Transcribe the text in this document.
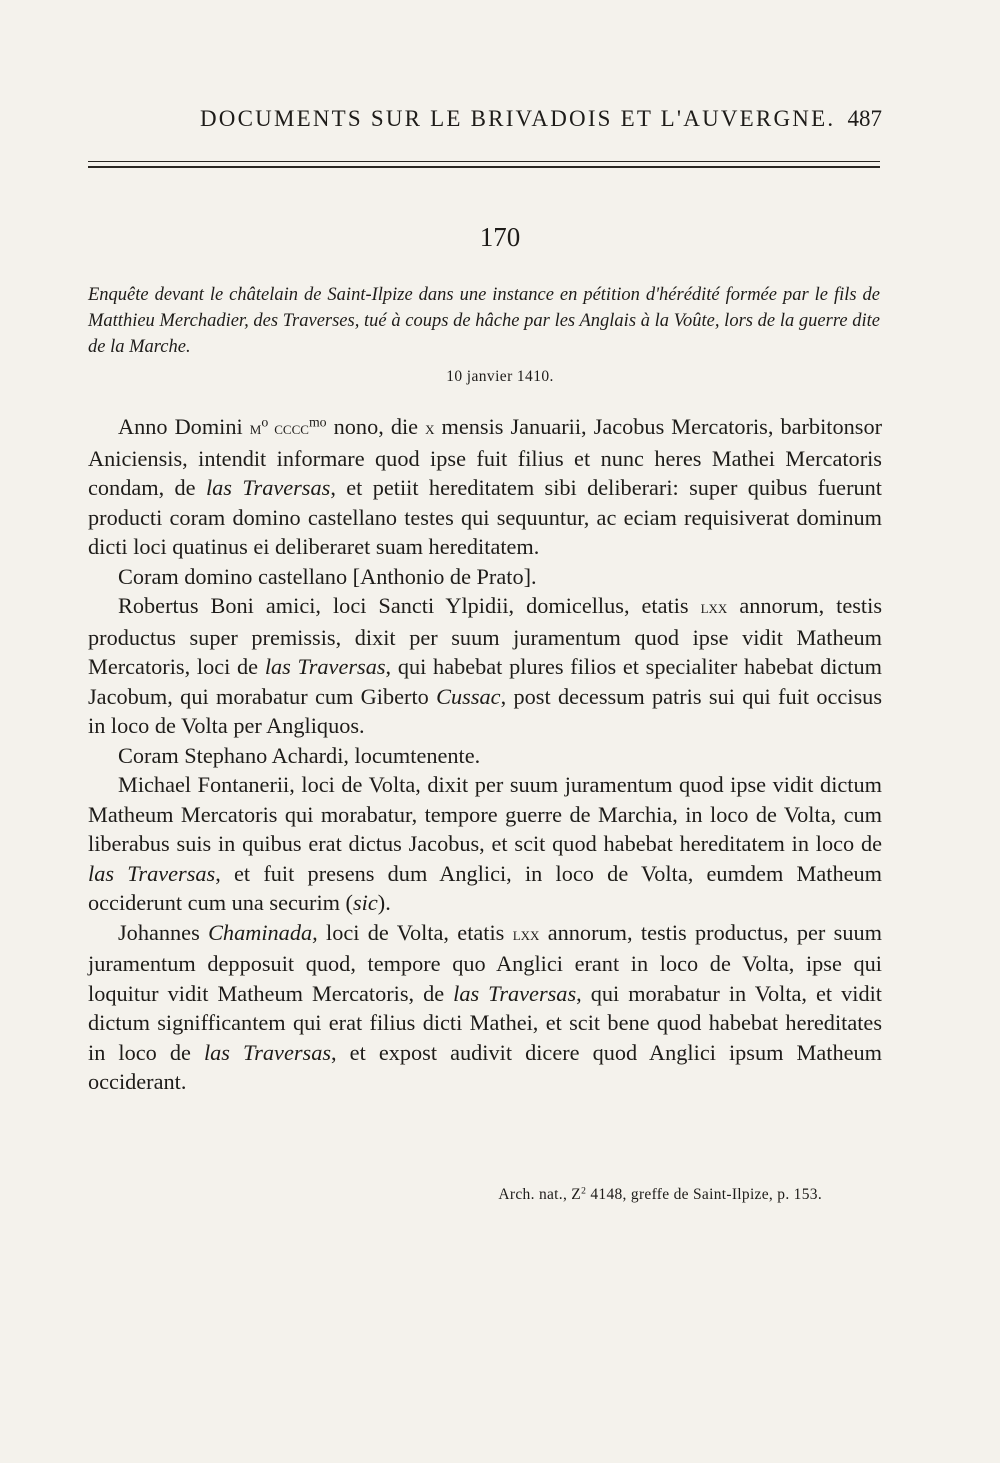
DOCUMENTS SUR LE BRIVADOIS ET L'AUVERGNE. 487
170
Enquête devant le châtelain de Saint-Ilpize dans une instance en pétition d'hérédité formée par le fils de Matthieu Merchadier, des Traverses, tué à coups de hâche par les Anglais à la Voûte, lors de la guerre dite de la Marche.
10 janvier 1410.

Anno Domini $m^o$ cccc$^{mo}$ nono, die x mensis Januarii, Jacobus Mercatoris, barbitonsor Aniciensis, intendit informare quod ipse fuit filius et nunc heres Mathei Mercatoris condam, de las Traversas, et petiit hereditatem sibi deliberari: super quibus fuerunt producti coram domino castellano testes qui sequuntur, ac eciam requisiverat dominum dicti loci quatinus ei deliberaret suam hereditatem.

Coram domino castellano [Anthonio de Prato].

Robertus Boni amici, loci Sancti Ylpidii, domicellus, etatis lxx annorum, testis productus super premissis, dixit per suum juramentum quod ipse vidit Matheum Mercatoris, loci de las Traversas, qui habebat plures filios et specialiter habebat dictum Jacobum, qui morabatur cum Giberto Cussac, post decessum patris sui qui fuit occisus in loco de Volta per Angliquos.

Coram Stephano Achardi, locumtenente.

Michael Fontanerii, loci de Volta, dixit per suum juramentum quod ipse vidit dictum Matheum Mercatoris qui morabatur, tempore guerre de Marchia, in loco de Volta, cum liberabus suis in quibus erat dictus Jacobus, et scit quod habebat hereditatem in loco de las Traversas, et fuit presens dum Anglici, in loco de Volta, eumdem Matheum occiderunt cum una securim (sic).

Johannes Chaminada, loci de Volta, etatis lxx annorum, testis productus, per suum juramentum depposuit quod, tempore quo Anglici erant in loco de Volta, ipse qui loquitur vidit Matheum Mercatoris, de las Traversas, qui morabatur in Volta, et vidit dictum signifficantem qui erat filius dicti Mathei, et scit bene quod habebat hereditates in loco de las Traversas, et expost audivit dicere quod Anglici ipsum Matheum occiderant.

Arch. nat., $Z^2$ 4148, greffe de Saint-Ilpize, p. 153.
